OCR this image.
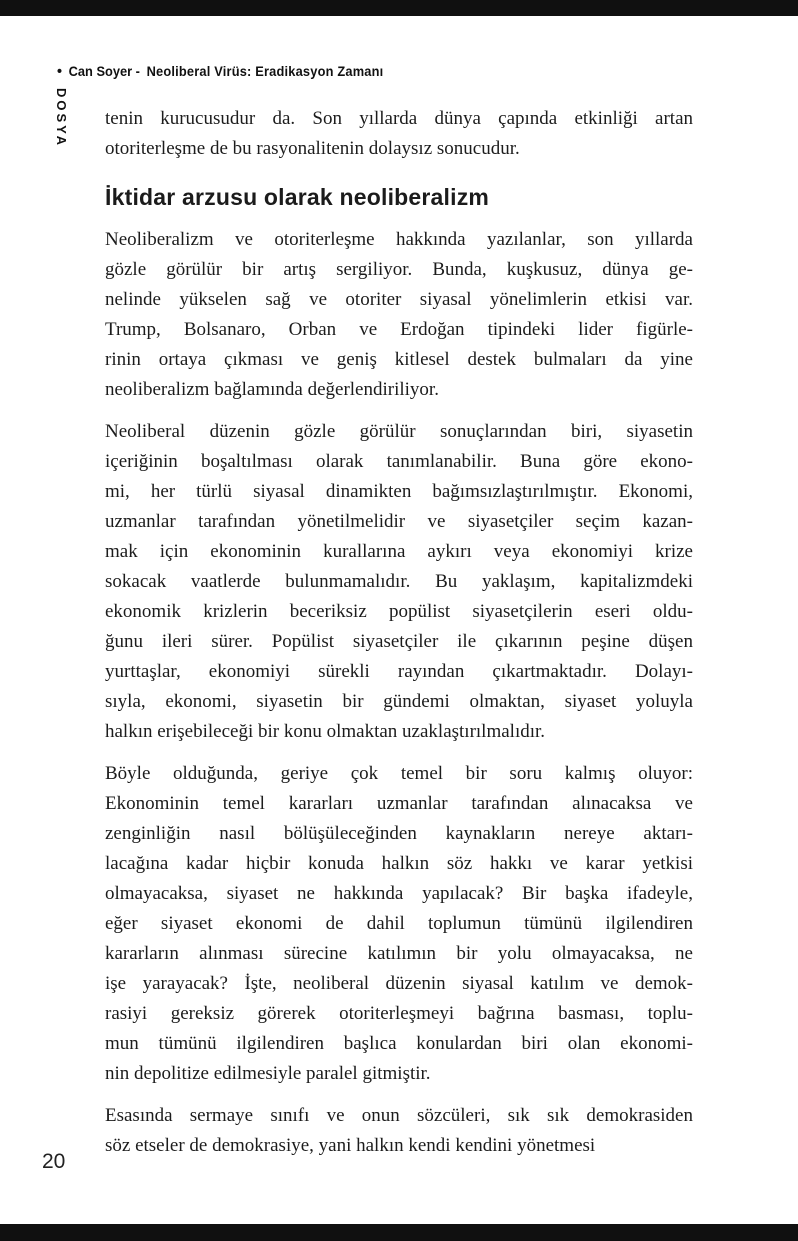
• Can Soyer - Neoliberal Virüs: Eradikasyon Zamanı
DOSYA tenin kurucusudur da. Son yıllarda dünya çapında etkinliği artan
otoriterleşme de bu rasyonalitenin dolaysız sonucudur.
İktidar arzusu olarak neoliberalizm
Neoliberalizm ve otoriterleşme hakkında yazılanlar, son yıllarda
gözle görülür bir artış sergiliyor. Bunda, kuşkusuz, dünya ge-
nelinde yükselen sağ ve otoriter siyasal yönelimlerin etkisi var.
Trump, Bolsanaro, Orban ve Erdoğan tipindeki lider figürle-
rinin ortaya çıkması ve geniş kitlesel destek bulmaları da yine
neoliberalizm bağlamında değerlendiriliyor.
Neoliberal düzenin gözle görülür sonuçlarından biri, siyasetin
içeriğinin boşaltılması olarak tanımlanabilir. Buna göre ekono-
mi, her türlü siyasal dinamikten bağımsızlaştırılmıştır. Ekonomi,
uzmanlar tarafından yönetilmelidir ve siyasetçiler seçim kazan-
mak için ekonominin kurallarına aykırı veya ekonomiyi krize
sokacak vaatlerde bulunmamalıdır. Bu yaklaşım, kapitalizmdeki
ekonomik krizlerin beceriksiz popülist siyasetçilerin eseri oldu-
ğunu ileri sürer. Popülist siyasetçiler ile çıkarının peşine düşen
yurttaşlar, ekonomiyi sürekli rayından çıkartmaktadır. Dolayı-
sıyla, ekonomi, siyasetin bir gündemi olmaktan, siyaset yoluyla
halkın erişebileceği bir konu olmaktan uzaklaştırılmalıdır.
Böyle olduğunda, geriye çok temel bir soru kalmış oluyor:
Ekonominin temel kararları uzmanlar tarafından alınacaksa ve
zenginliğin nasıl bölüşüleceğinden kaynakların nereye aktarı-
lacağına kadar hiçbir konuda halkın söz hakkı ve karar yetkisi
olmayacaksa, siyaset ne hakkında yapılacak? Bir başka ifadeyle,
eğer siyaset ekonomi de dahil toplumun tümünü ilgilendiren
kararların alınması sürecine katılımın bir yolu olmayacaksa, ne
işe yarayacak? İşte, neoliberal düzenin siyasal katılım ve demok-
rasiyi gereksiz görerek otoriterleşmeyi bağrına basması, toplu-
mun tümünü ilgilendiren başlıca konulardan biri olan ekonomi-
nin depolitize edilmesiyle paralel gitmiştir.
Esasında sermaye sınıfı ve onun sözcüleri, sık sık demokrasiden
söz etseler de demokrasiye, yani halkın kendi kendini yönetmesi
20
